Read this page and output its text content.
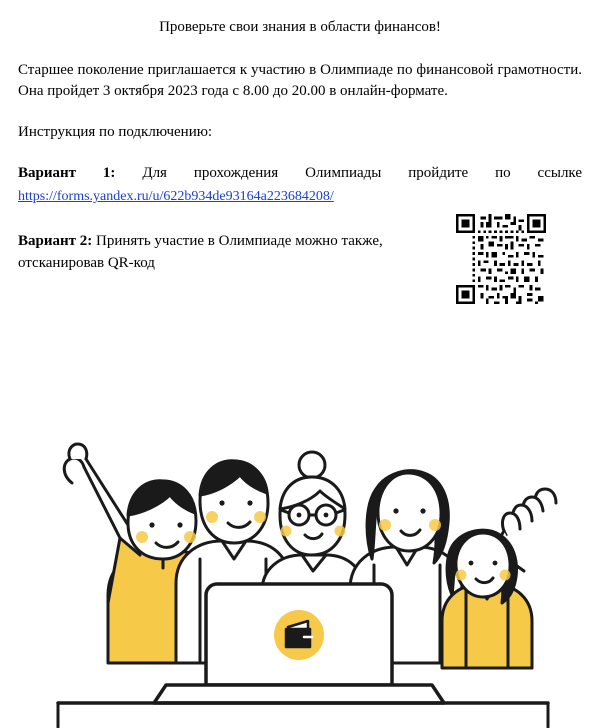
Проверьте свои знания в области финансов!

Старшее поколение приглашается к участию в Олимпиаде по финансовой грамотности. Она пройдет 3 октября 2023 года с 8.00 до 20.00 в онлайн-формате.

Инструкция по подключению:

Вариант 1: Для прохождения Олимпиады пройдите по ссылке
https://forms.yandex.ru/u/622b934de93164a223684208/
Вариант 2: Принять участие в Олимпиаде можно также, отсканировав QR-код
